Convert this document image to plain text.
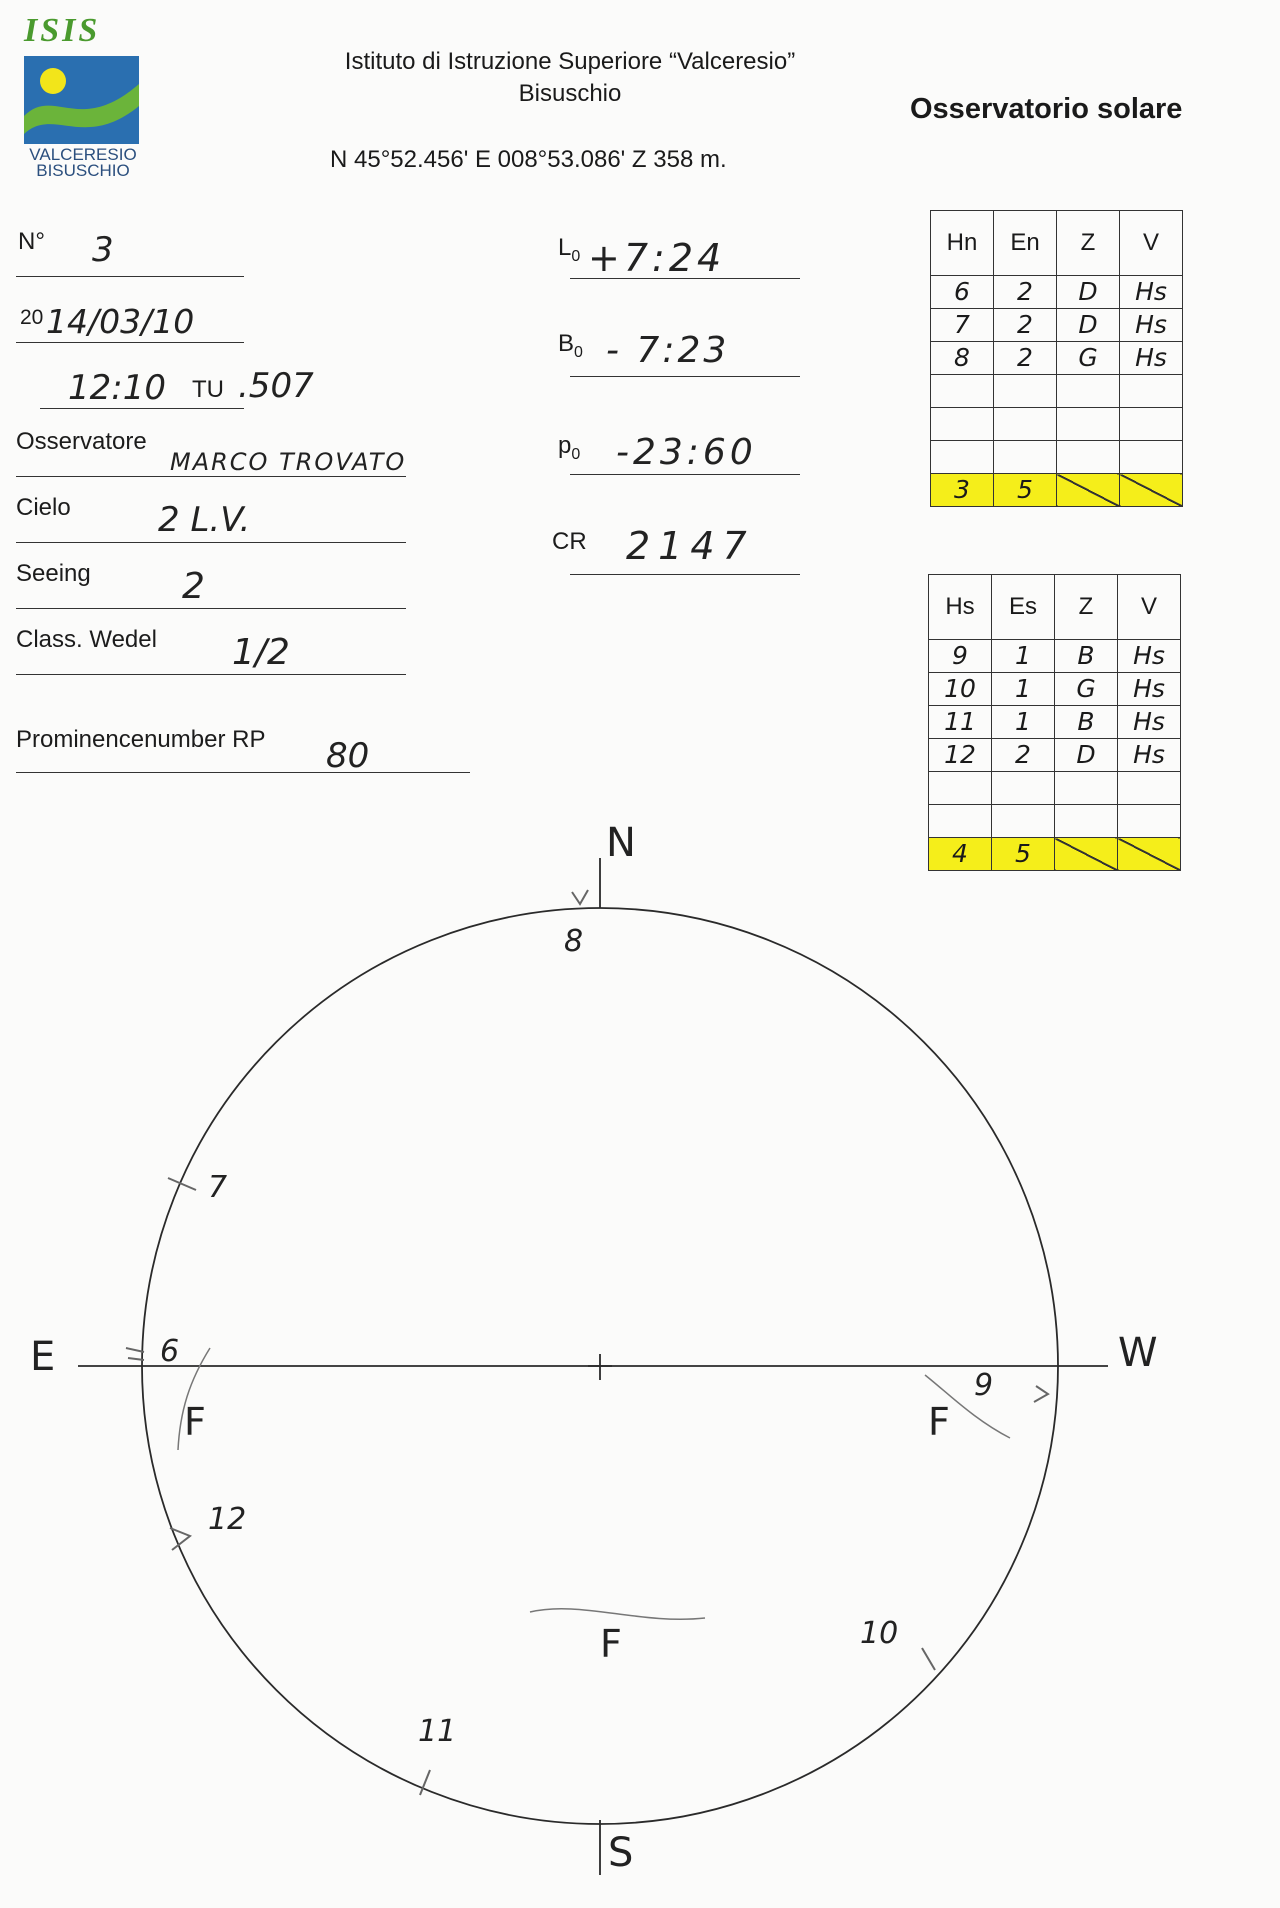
ISIS
VALCERESIO
BISUSCHIO
Istituto di Istruzione Superiore “Valceresio”
Bisuschio
N 45°52.456' E 008°53.086' Z 358 m.
Osservatorio solare
N° 3
20 14/03/10
12:10 TU .507
Osservatore
MARCO TROVATO
Cielo	2 L.V.
Seeing	2
Class. Wedel 1/2
Prominencenumber RP 80
$L_0$ +7:24
$B_0$ - 7:23
$p_0$ -23:60
CR 2147
Hn	En	Z	V
6	2	D	Hs
7	2	D	Hs
8	2	G	Hs

3	5		
Hs	Es	Z	V
9	1	B	Hs
10	1	G	Hs
11	1	B	Hs
12	2	D	Hs

4	5		
N
S
E	W
8
7
6
9
12
10
11
F	F
F
